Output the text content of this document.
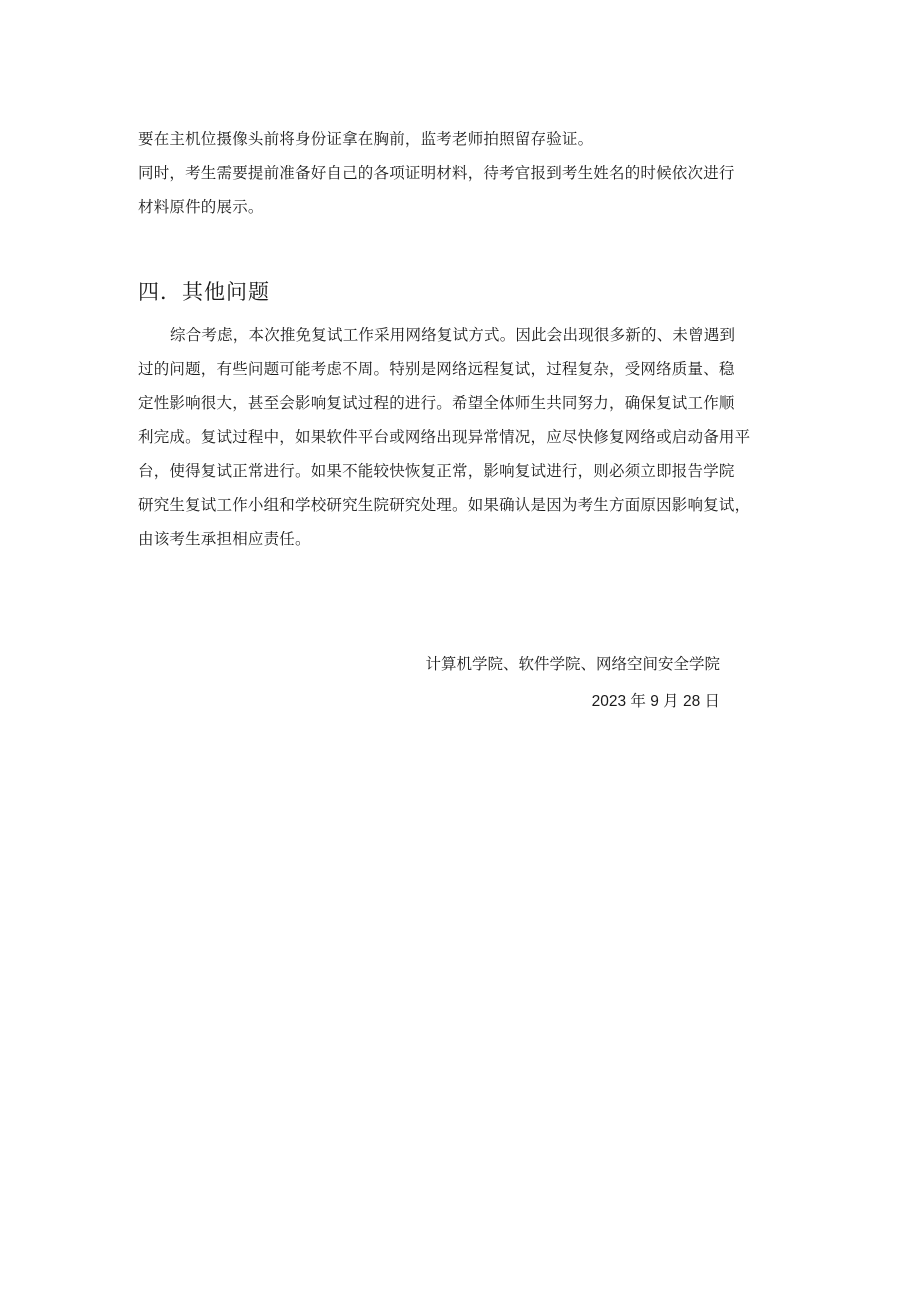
要在主机位摄像头前将身份证拿在胸前，监考老师拍照留存验证。
同时，考生需要提前准备好自己的各项证明材料，待考官报到考生姓名的时候依次进行
材料原件的展示。
四．其他问题
综合考虑，本次推免复试工作采用网络复试方式。因此会出现很多新的、未曾遇到
过的问题，有些问题可能考虑不周。特别是网络远程复试，过程复杂，受网络质量、稳
定性影响很大，甚至会影响复试过程的进行。希望全体师生共同努力，确保复试工作顺
利完成。复试过程中，如果软件平台或网络出现异常情况，应尽快修复网络或启动备用平
台，使得复试正常进行。如果不能较快恢复正常，影响复试进行，则必须立即报告学院
研究生复试工作小组和学校研究生院研究处理。如果确认是因为考生方面原因影响复试，
由该考生承担相应责任。
计算机学院、软件学院、网络空间安全学院
2023 年 9 月 28 日
